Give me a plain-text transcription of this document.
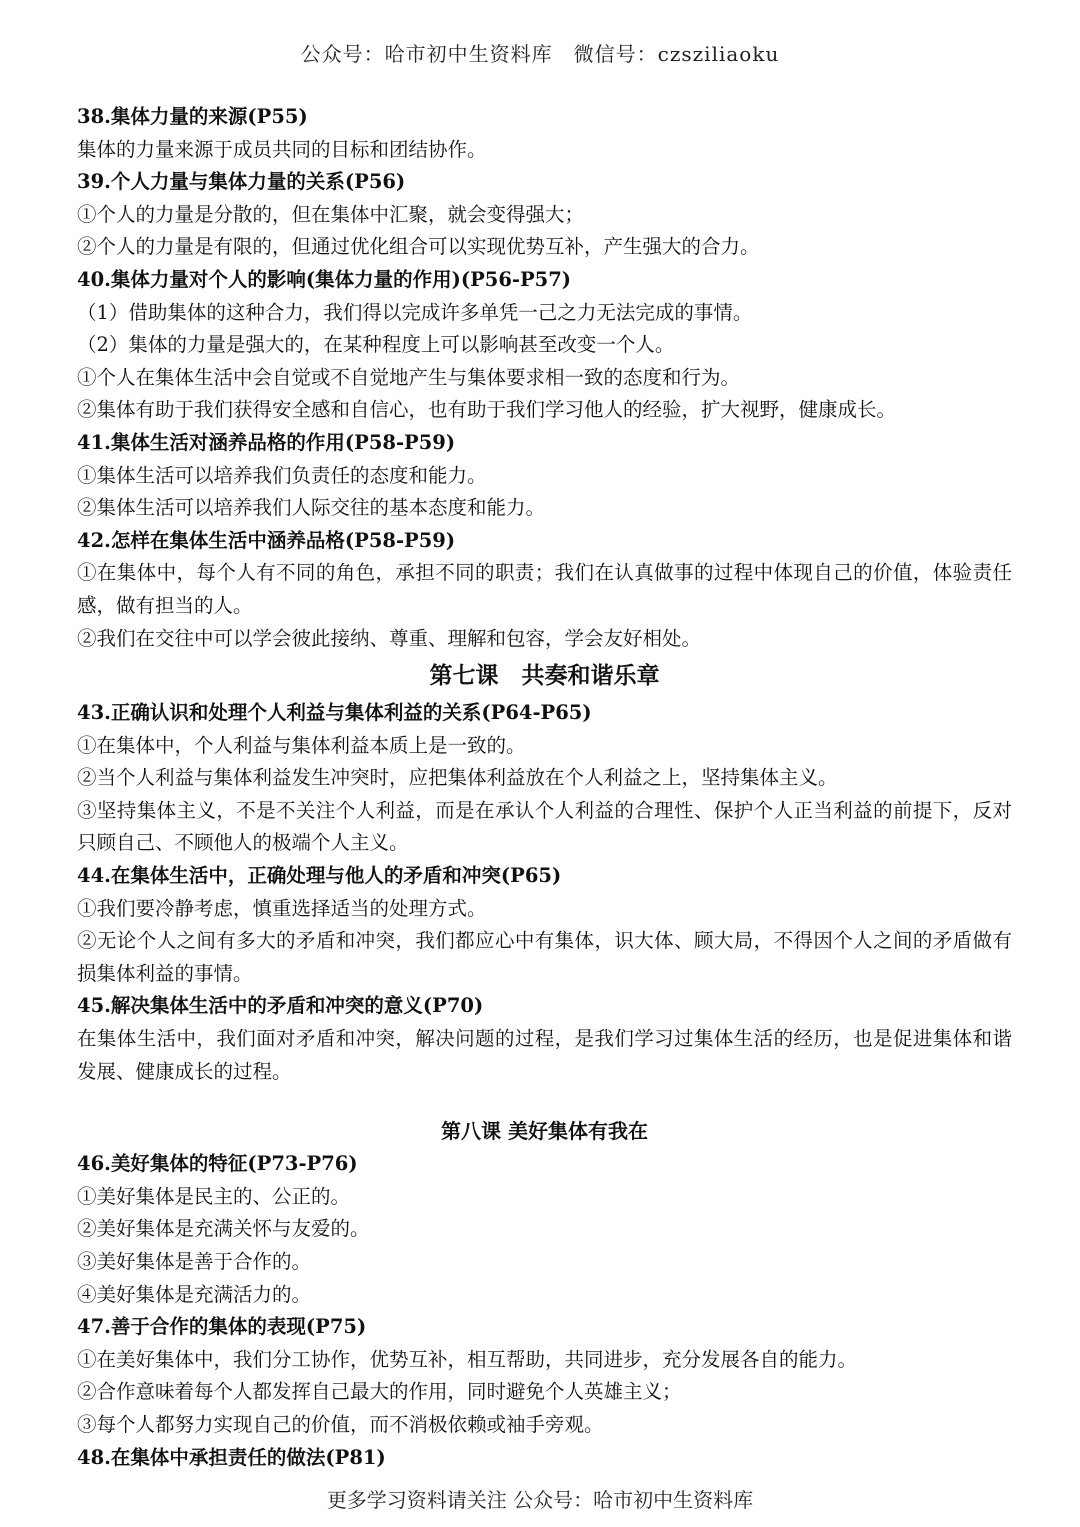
公众号：哈市初中生资料库　微信号：czsziliaoku
38.集体力量的来源(P55)
集体的力量来源于成员共同的目标和团结协作。
39.个人力量与集体力量的关系(P56)
①个人的力量是分散的，但在集体中汇聚，就会变得强大；
②个人的力量是有限的，但通过优化组合可以实现优势互补，产生强大的合力。
40.集体力量对个人的影响(集体力量的作用)(P56-P57)
（1）借助集体的这种合力，我们得以完成许多单凭一己之力无法完成的事情。
（2）集体的力量是强大的，在某种程度上可以影响甚至改变一个人。
①个人在集体生活中会自觉或不自觉地产生与集体要求相一致的态度和行为。
②集体有助于我们获得安全感和自信心，也有助于我们学习他人的经验，扩大视野，健康成长。
41.集体生活对涵养品格的作用(P58-P59)
①集体生活可以培养我们负责任的态度和能力。
②集体生活可以培养我们人际交往的基本态度和能力。
42.怎样在集体生活中涵养品格(P58-P59)
①在集体中，每个人有不同的角色，承担不同的职责；我们在认真做事的过程中体现自己的价值，体验责任感，做有担当的人。
②我们在交往中可以学会彼此接纳、尊重、理解和包容，学会友好相处。
第七课　共奏和谐乐章
43.正确认识和处理个人利益与集体利益的关系(P64-P65)
①在集体中，个人利益与集体利益本质上是一致的。
②当个人利益与集体利益发生冲突时，应把集体利益放在个人利益之上，坚持集体主义。
③坚持集体主义，不是不关注个人利益，而是在承认个人利益的合理性、保护个人正当利益的前提下，反对只顾自己、不顾他人的极端个人主义。
44.在集体生活中，正确处理与他人的矛盾和冲突(P65)
①我们要冷静考虑，慎重选择适当的处理方式。
②无论个人之间有多大的矛盾和冲突，我们都应心中有集体，识大体、顾大局，不得因个人之间的矛盾做有损集体利益的事情。
45.解决集体生活中的矛盾和冲突的意义(P70)
在集体生活中，我们面对矛盾和冲突，解决问题的过程，是我们学习过集体生活的经历，也是促进集体和谐发展、健康成长的过程。
第八课 美好集体有我在
46.美好集体的特征(P73-P76)
①美好集体是民主的、公正的。
②美好集体是充满关怀与友爱的。
③美好集体是善于合作的。
④美好集体是充满活力的。
47.善于合作的集体的表现(P75)
①在美好集体中，我们分工协作，优势互补，相互帮助，共同进步，充分发展各自的能力。
②合作意味着每个人都发挥自己最大的作用，同时避免个人英雄主义；
③每个人都努力实现自己的价值，而不消极依赖或袖手旁观。
48.在集体中承担责任的做法(P81)
更多学习资料请关注 公众号：哈市初中生资料库
